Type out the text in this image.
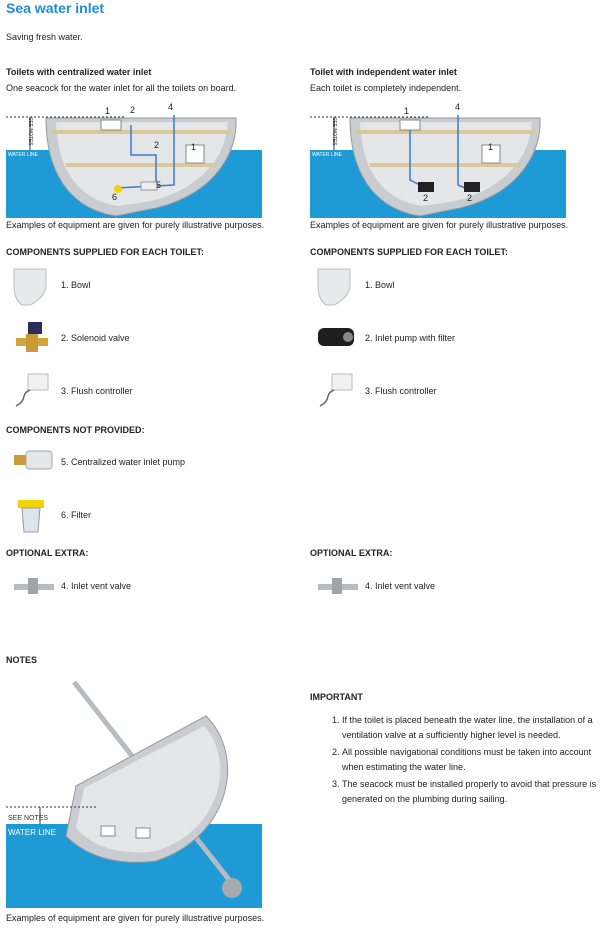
Sea water inlet
Saving fresh water.
Toilets with centralized water inlet
One seacock for the water inlet for all the toilets on board.
SEE NOTES
WATER LINE
1 2	4
2	1
6
5
Examples of equipment are given for purely illustrative purposes.
COMPONENTS SUPPLIED FOR EACH TOILET:
1. Bowl
2. Solenoid valve
3. Flush controller
COMPONENTS NOT PROVIDED:
5. Centralized water inlet pump
6. Filter
OPTIONAL EXTRA:
4. Inlet vent valve
Toilet with independent water inlet
Each toilet is completely independent.
SEE NOTES
WATER LINE
1	4
1
2	2
Examples of equipment are given for purely illustrative purposes.
COMPONENTS SUPPLIED FOR EACH TOILET:
1. Bowl
2. Inlet pump with filter
3. Flush controller
OPTIONAL EXTRA:
4. Inlet vent valve
NOTES
SEE NOTES
WATER LINE
Examples of equipment are given for purely illustrative purposes.
IMPORTANT
1. If the toilet is placed beneath the water line, the installation of a ventilation valve at a sufficiently higher level is needed.
2. All possible navigational conditions must be taken into account when estimating the water line.
3. The seacock must be installed properly to avoid that pressure is generated on the plumbing during sailing.
